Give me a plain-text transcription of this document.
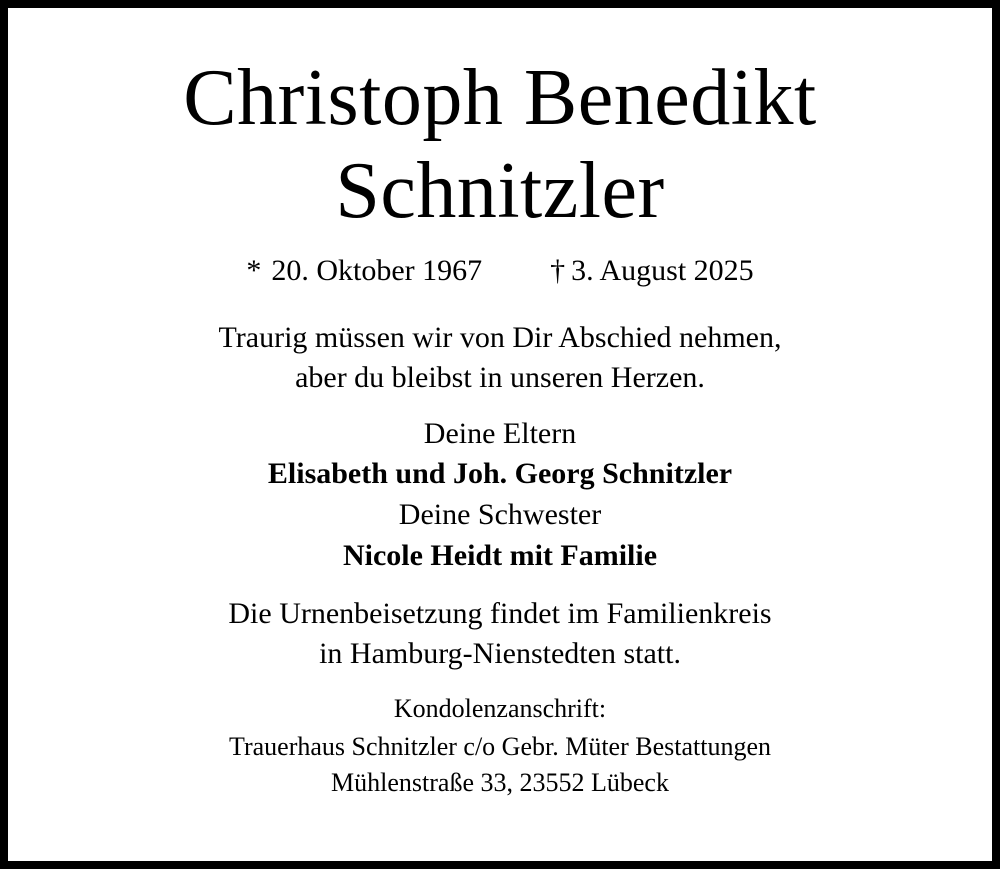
Christoph Benedikt
Schnitzler
* 20. Oktober 1967 † 3. August 2025
Traurig müssen wir von Dir Abschied nehmen,
aber du bleibst in unseren Herzen.
Deine Eltern
Elisabeth und Joh. Georg Schnitzler
Deine Schwester
Nicole Heidt mit Familie
Die Urnenbeisetzung findet im Familienkreis
in Hamburg-Nienstedten statt.
Kondolenzanschrift:
Trauerhaus Schnitzler c/o Gebr. Müter Bestattungen
Mühlenstraße 33, 23552 Lübeck
